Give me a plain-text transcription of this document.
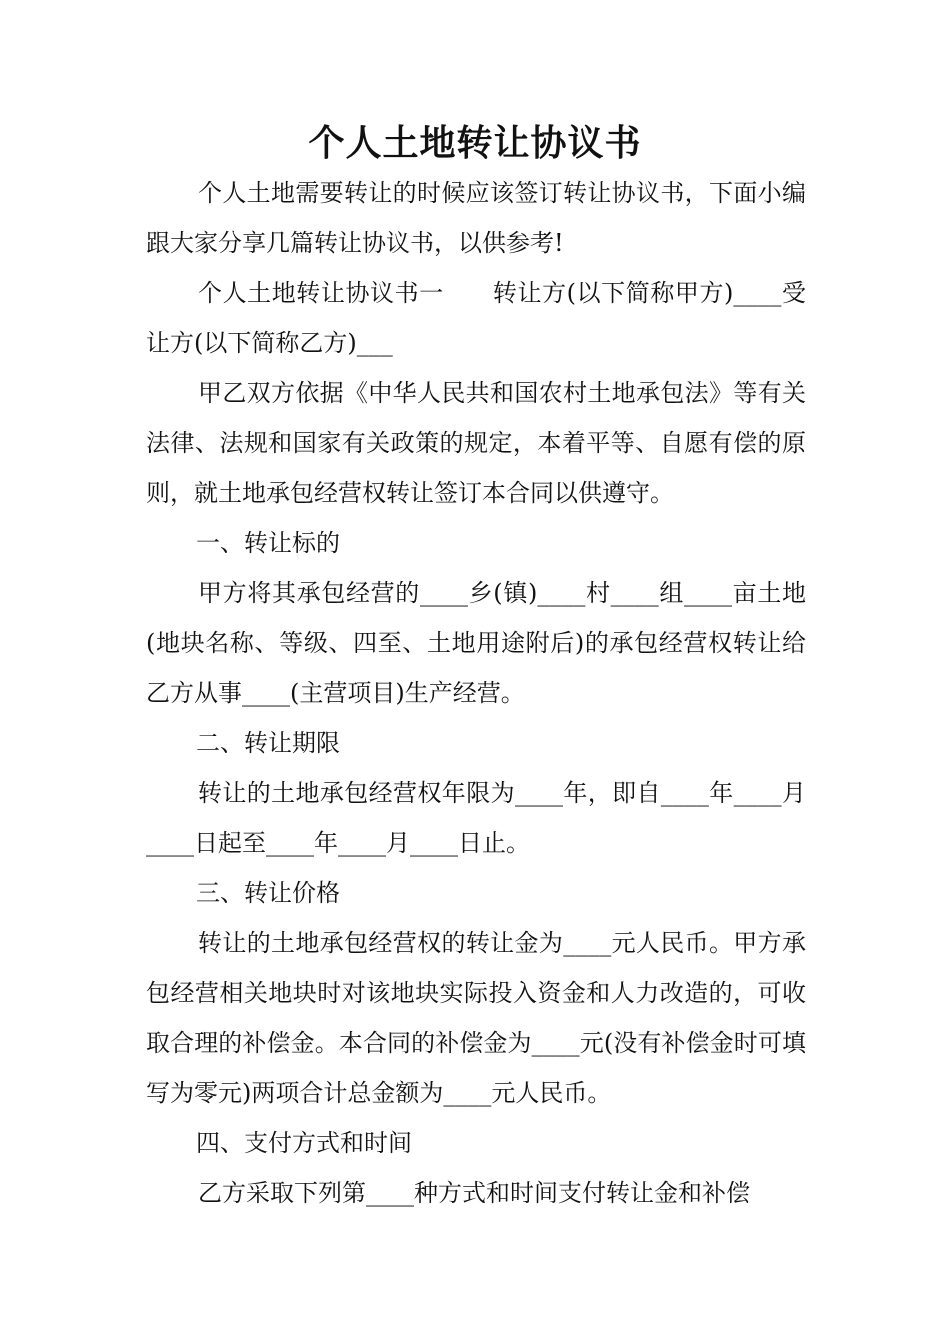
个人土地转让协议书

个人土地需要转让的时候应该签订转让协议书，下面小编跟大家分享几篇转让协议书，以供参考!

个人土地转让协议书一　　转让方(以下简称甲方)____受让方(以下简称乙方)___

甲乙双方依据《中华人民共和国农村土地承包法》等有关法律、法规和国家有关政策的规定，本着平等、自愿有偿的原则，就土地承包经营权转让签订本合同以供遵守。

一、转让标的

甲方将其承包经营的____乡(镇)____村____组____亩土地(地块名称、等级、四至、土地用途附后)的承包经营权转让给乙方从事____(主营项目)生产经营。

二、转让期限

转让的土地承包经营权年限为____年，即自____年____月____日起至____年____月____日止。

三、转让价格

转让的土地承包经营权的转让金为____元人民币。甲方承包经营相关地块时对该地块实际投入资金和人力改造的，可收取合理的补偿金。本合同的补偿金为____元(没有补偿金时可填写为零元)两项合计总金额为____元人民币。

四、支付方式和时间

乙方采取下列第____种方式和时间支付转让金和补偿
